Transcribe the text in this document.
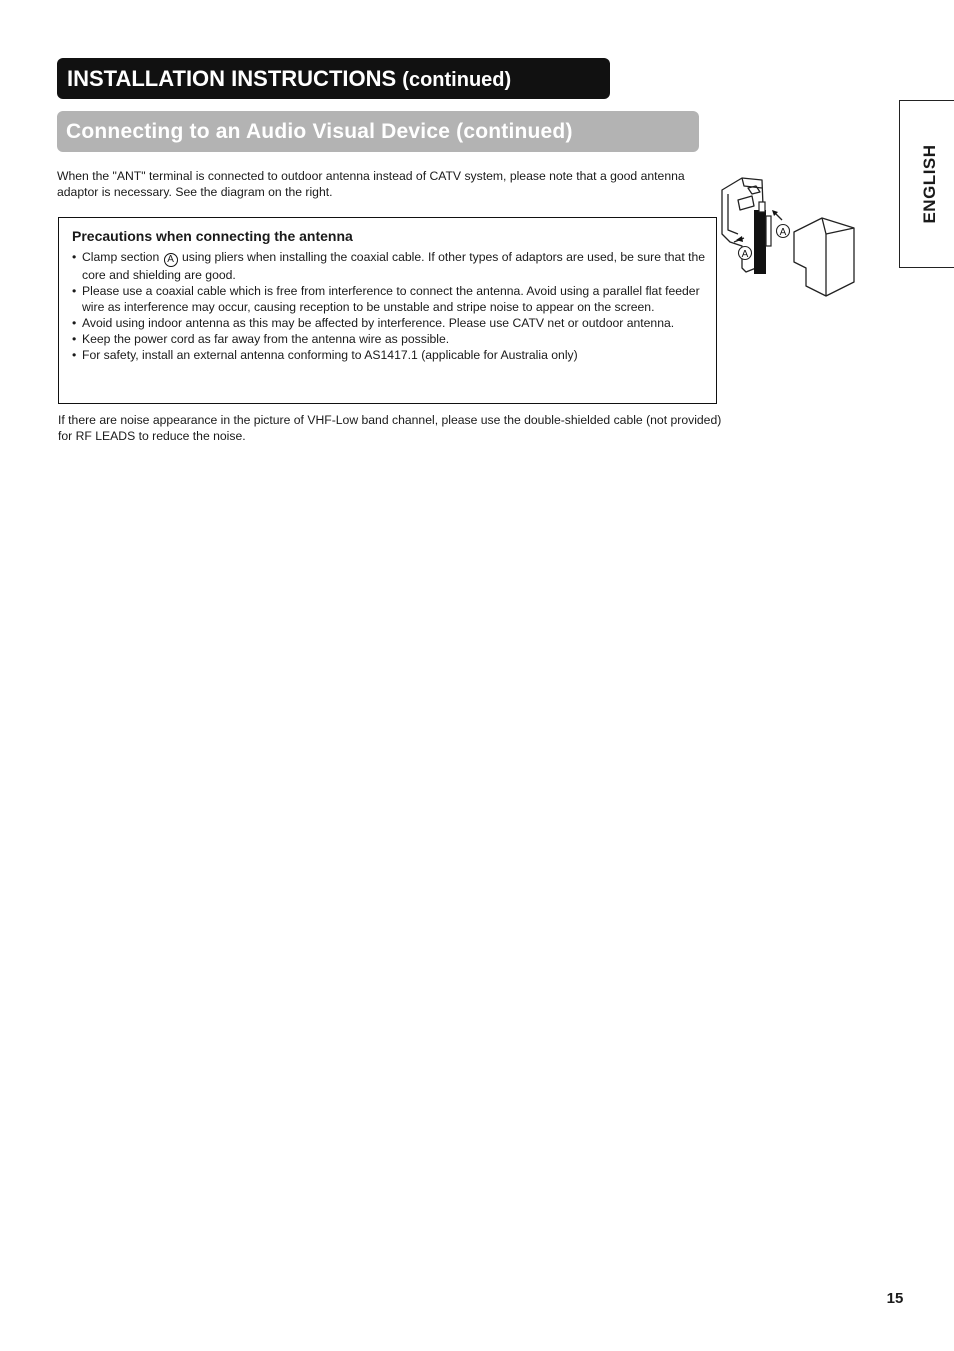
INSTALLATION INSTRUCTIONS (continued)
Connecting to an Audio Visual Device (continued)

When the "ANT" terminal is connected to outdoor antenna instead of CATV system, please note that a good antenna adaptor is necessary. See the diagram on the right.

Precautions when connecting the antenna
• Clamp section A using pliers when installing the coaxial cable. If other types of adaptors are used, be sure that the core and shielding are good.
• Please use a coaxial cable which is free from interference to connect the antenna. Avoid using a parallel flat feeder wire as interference may occur, causing reception to be unstable and stripe noise to appear on the screen.
• Avoid using indoor antenna as this may be affected by interference. Please use CATV net or outdoor antenna.
• Keep the power cord as far away from the antenna wire as possible.
• For safety, install an external antenna conforming to AS1417.1 (applicable for Australia only)

If there are noise appearance in the picture of VHF-Low band channel, please use the double-shielded cable (not provided) for RF LEADS to reduce the noise.

A
A
ENGLISH
15
